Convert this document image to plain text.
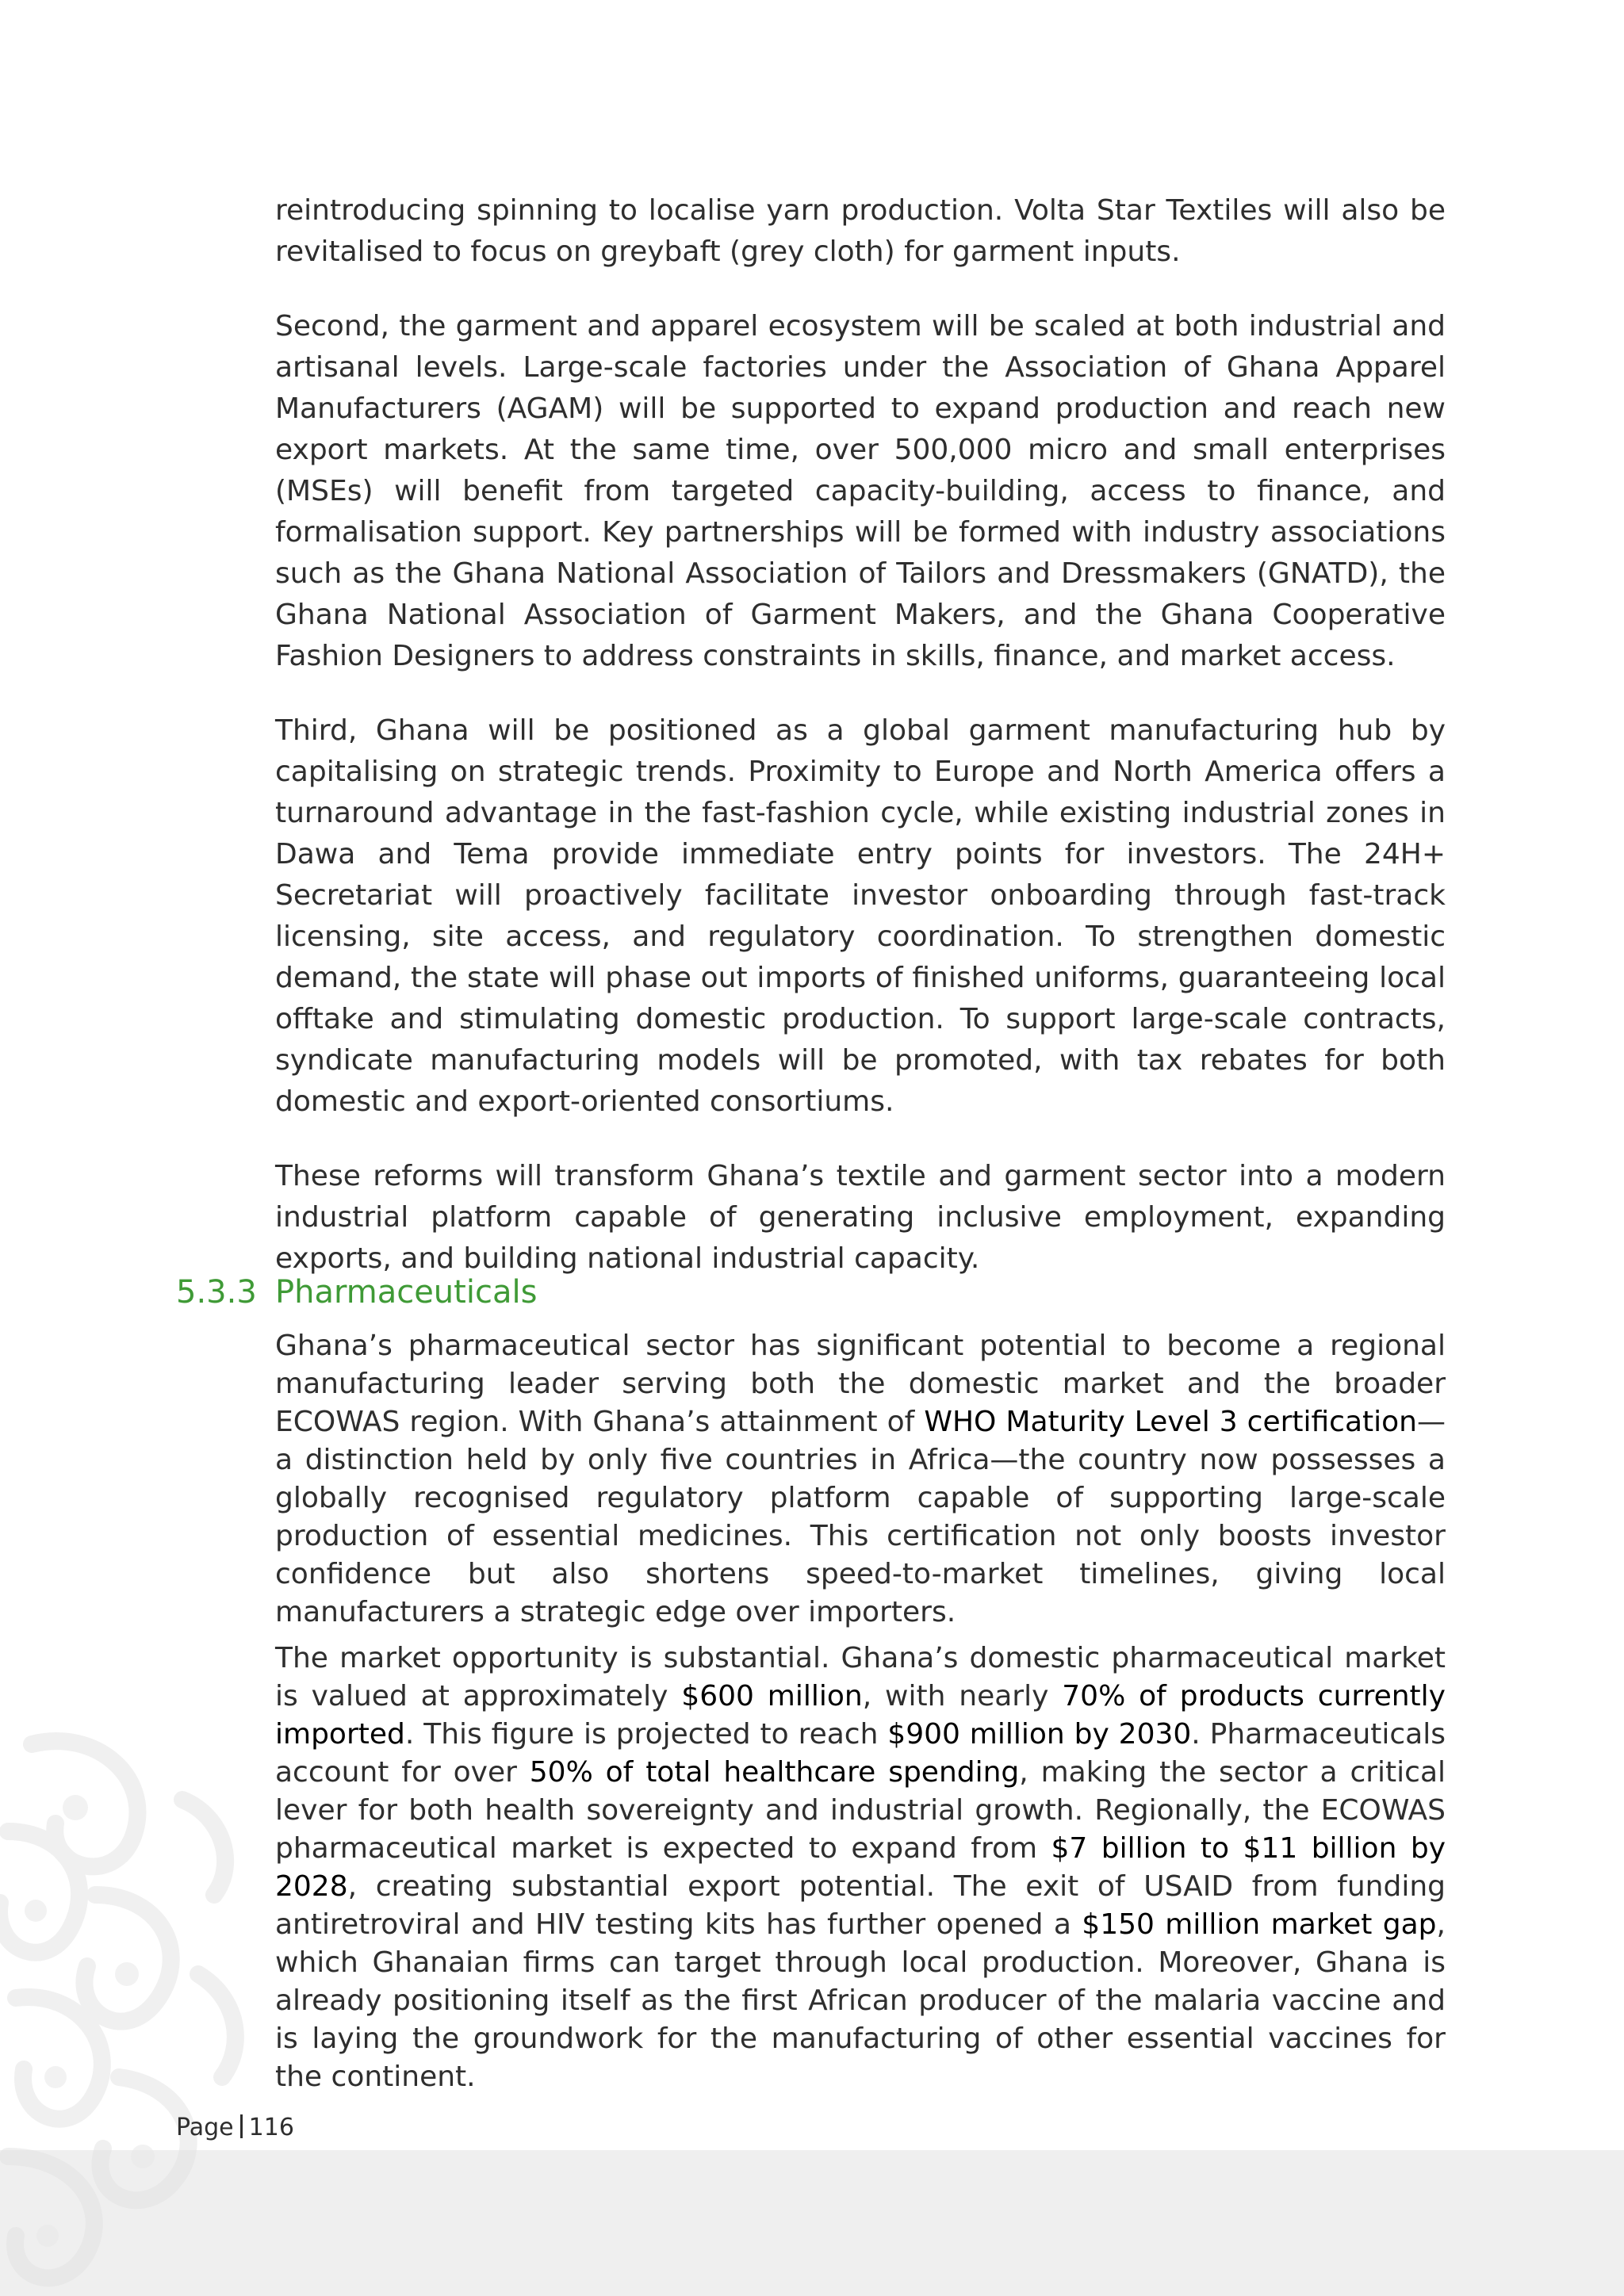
reintroducing spinning to localise yarn production. Volta Star Textiles will also be revitalised to focus on greybaft (grey cloth) for garment inputs.

Second, the garment and apparel ecosystem will be scaled at both industrial and artisanal levels. Large-scale factories under the Association of Ghana Apparel Manufacturers (AGAM) will be supported to expand production and reach new export markets. At the same time, over 500,000 micro and small enterprises (MSEs) will benefit from targeted capacity-building, access to finance, and formalisation support. Key partnerships will be formed with industry associations such as the Ghana National Association of Tailors and Dressmakers (GNATD), the Ghana National Association of Garment Makers, and the Ghana Cooperative Fashion Designers to address constraints in skills, finance, and market access.

Third, Ghana will be positioned as a global garment manufacturing hub by capitalising on strategic trends. Proximity to Europe and North America offers a turnaround advantage in the fast-fashion cycle, while existing industrial zones in Dawa and Tema provide immediate entry points for investors. The 24H+ Secretariat will proactively facilitate investor onboarding through fast-track licensing, site access, and regulatory coordination. To strengthen domestic demand, the state will phase out imports of finished uniforms, guaranteeing local offtake and stimulating domestic production. To support large-scale contracts, syndicate manufacturing models will be promoted, with tax rebates for both domestic and export-oriented consortiums.

These reforms will transform Ghana’s textile and garment sector into a modern industrial platform capable of generating inclusive employment, expanding exports, and building national industrial capacity.

5.3.3 Pharmaceuticals

Ghana’s pharmaceutical sector has significant potential to become a regional manufacturing leader serving both the domestic market and the broader ECOWAS region. With Ghana’s attainment of WHO Maturity Level 3 certification—a distinction held by only five countries in Africa—the country now possesses a globally recognised regulatory platform capable of supporting large-scale production of essential medicines. This certification not only boosts investor confidence but also shortens speed-to-market timelines, giving local manufacturers a strategic edge over importers.

The market opportunity is substantial. Ghana’s domestic pharmaceutical market is valued at approximately $600 million, with nearly 70% of products currently imported. This figure is projected to reach $900 million by 2030. Pharmaceuticals account for over 50% of total healthcare spending, making the sector a critical lever for both health sovereignty and industrial growth. Regionally, the ECOWAS pharmaceutical market is expected to expand from $7 billion to $11 billion by 2028, creating substantial export potential. The exit of USAID from funding antiretroviral and HIV testing kits has further opened a $150 million market gap, which Ghanaian firms can target through local production. Moreover, Ghana is already positioning itself as the first African producer of the malaria vaccine and is laying the groundwork for the manufacturing of other essential vaccines for the continent.

Page 116
